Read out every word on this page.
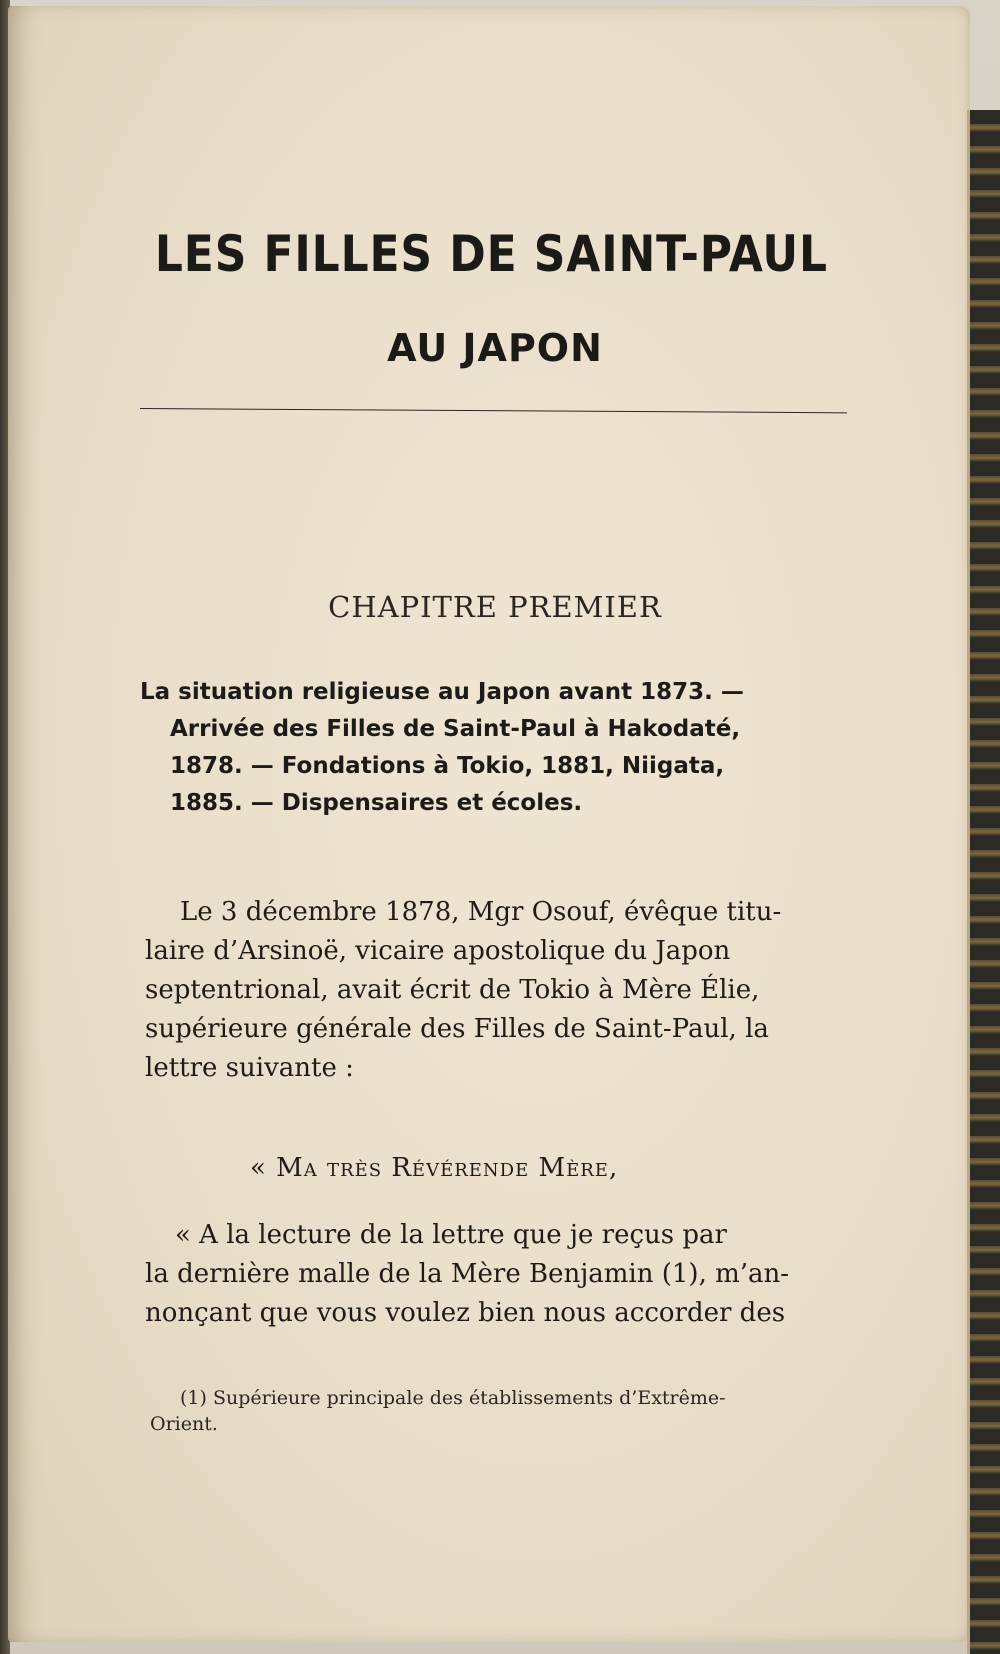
LES FILLES DE SAINT-PAUL
AU JAPON
CHAPITRE PREMIER
La situation religieuse au Japon avant 1873. —
Arrivée des Filles de Saint-Paul à Hakodaté,
1878. — Fondations à Tokio, 1881, Niigata,
1885. — Dispensaires et écoles.
Le 3 décembre 1878, Mgr Osouf, évêque titu-
laire d’Arsinoë, vicaire apostolique du Japon
septentrional, avait écrit de Tokio à Mère Élie,
supérieure générale des Filles de Saint-Paul, la
lettre suivante :
« Ma très Révérende Mère,
« A la lecture de la lettre que je reçus par
la dernière malle de la Mère Benjamin (1), m’an-
nonçant que vous voulez bien nous accorder des
(1) Supérieure principale des établissements d’Extrême-
Orient.
